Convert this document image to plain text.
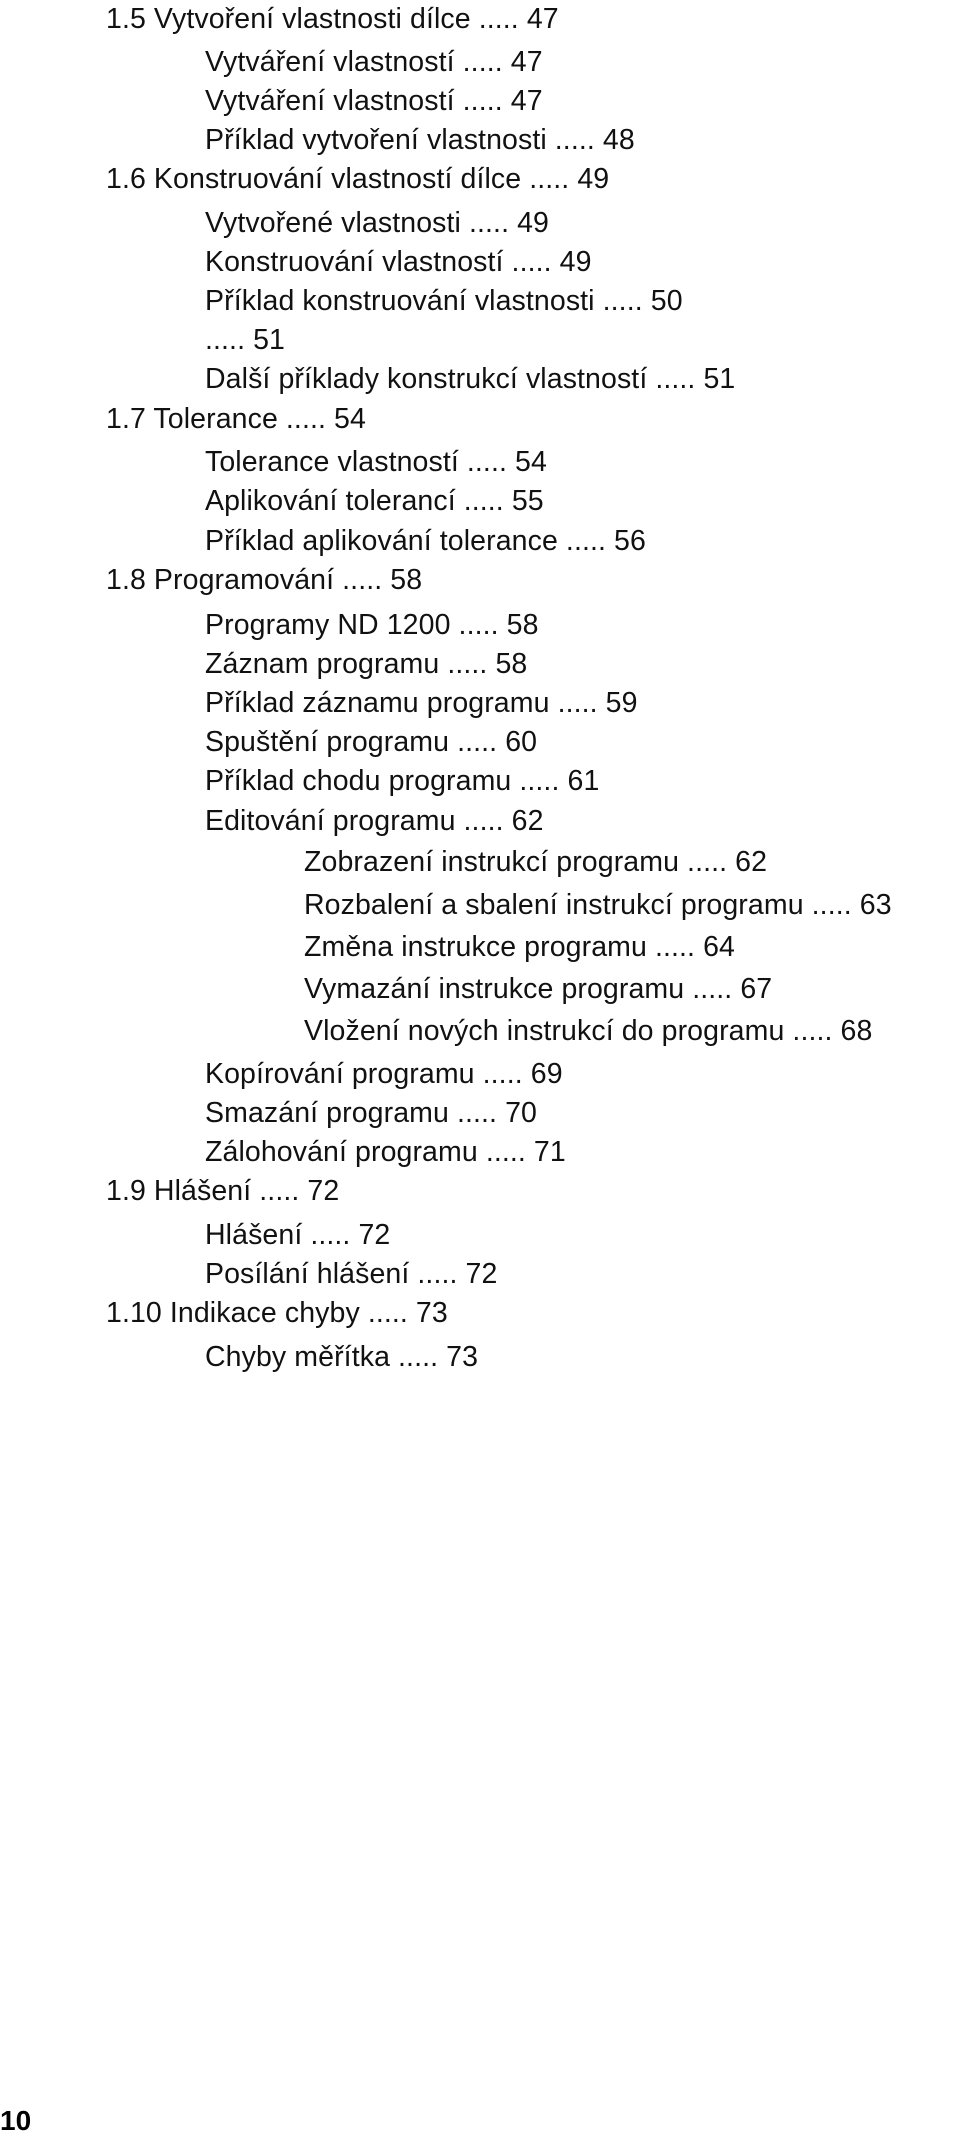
1.5 Vytvoření vlastnosti dílce ..... 47
Vytváření vlastností ..... 47
Vytváření vlastností ..... 47
Příklad vytvoření vlastnosti ..... 48
1.6 Konstruování vlastností dílce ..... 49
Vytvořené vlastnosti ..... 49
Konstruování vlastností ..... 49
Příklad konstruování vlastnosti ..... 50
..... 51
Další příklady konstrukcí vlastností ..... 51
1.7 Tolerance ..... 54
Tolerance vlastností ..... 54
Aplikování tolerancí ..... 55
Příklad aplikování tolerance ..... 56
1.8 Programování ..... 58
Programy ND 1200 ..... 58
Záznam programu ..... 58
Příklad záznamu programu ..... 59
Spuštění programu ..... 60
Příklad chodu programu ..... 61
Editování programu ..... 62
Zobrazení instrukcí programu ..... 62
Rozbalení a sbalení instrukcí programu ..... 63
Změna instrukce programu ..... 64
Vymazání instrukce programu ..... 67
Vložení nových instrukcí do programu ..... 68
Kopírování programu ..... 69
Smazání programu ..... 70
Zálohování programu ..... 71
1.9 Hlášení ..... 72
Hlášení ..... 72
Posílání hlášení ..... 72
1.10 Indikace chyby ..... 73
Chyby měřítka ..... 73
10
